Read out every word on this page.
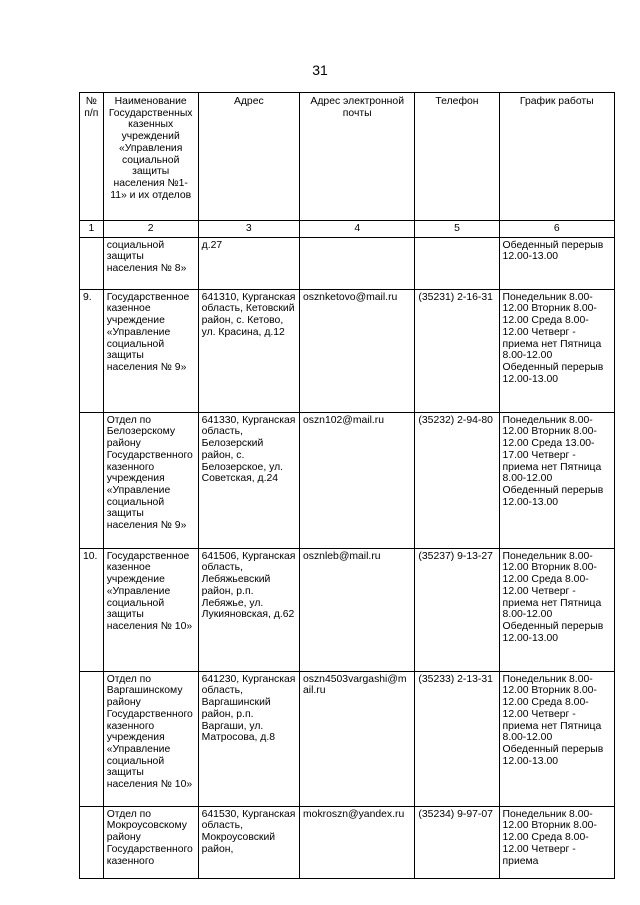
31
№ п/п	Наименование Государственных казенных учреждений «Управления социальной защиты населения №1-11» и их отделов	Адрес	Адрес электронной почты	Телефон	График работы
1	2	3	4	5	6
	социальной защиты населения № 8»	д.27			Обеденный перерыв 12.00-13.00
9.	Государственное казенное учреждение «Управление социальной защиты населения № 9»	641310, Курганская область, Кетовский район, с. Кетово, ул. Красина, д.12	osznketovo@mail.ru	(35231) 2-16-31	Понедельник 8.00-12.00 Вторник 8.00-12.00 Среда 8.00-12.00 Четверг - приема нет Пятница 8.00-12.00 Обеденный перерыв 12.00-13.00
	Отдел по Белозерскому району Государственного казенного учреждения «Управление социальной защиты населения № 9»	641330, Курганская область, Белозерский район, с. Белозерское, ул. Советская, д.24	oszn102@mail.ru	(35232) 2-94-80	Понедельник 8.00-12.00 Вторник 8.00-12.00 Среда 13.00-17.00 Четверг - приема нет Пятница 8.00-12.00 Обеденный перерыв 12.00-13.00
10.	Государственное казенное учреждение «Управление социальной защиты населения № 10»	641506, Курганская область, Лебяжьевский район, р.п. Лебяжье, ул. Лукияновская, д.62	osznleb@mail.ru	(35237) 9-13-27	Понедельник 8.00-12.00 Вторник 8.00-12.00 Среда 8.00-12.00 Четверг - приема нет Пятница 8.00-12.00 Обеденный перерыв 12.00-13.00
	Отдел по Варгашинскому району Государственного казенного учреждения «Управление социальной защиты населения № 10»	641230, Курганская область, Варгашинский район, р.п. Варгаши, ул. Матросова, д.8	oszn4503vargashi@mail.ru	(35233) 2-13-31	Понедельник 8.00-12.00 Вторник 8.00-12.00 Среда 8.00-12.00 Четверг - приема нет Пятница 8.00-12.00 Обеденный перерыв 12.00-13.00
	Отдел по Мокроусовскому району Государственного казенного	641530, Курганская область, Мокроусовский район,	mokroszn@yandex.ru	(35234) 9-97-07	Понедельник 8.00-12.00 Вторник 8.00-12.00 Среда 8.00-12.00 Четверг - приема
